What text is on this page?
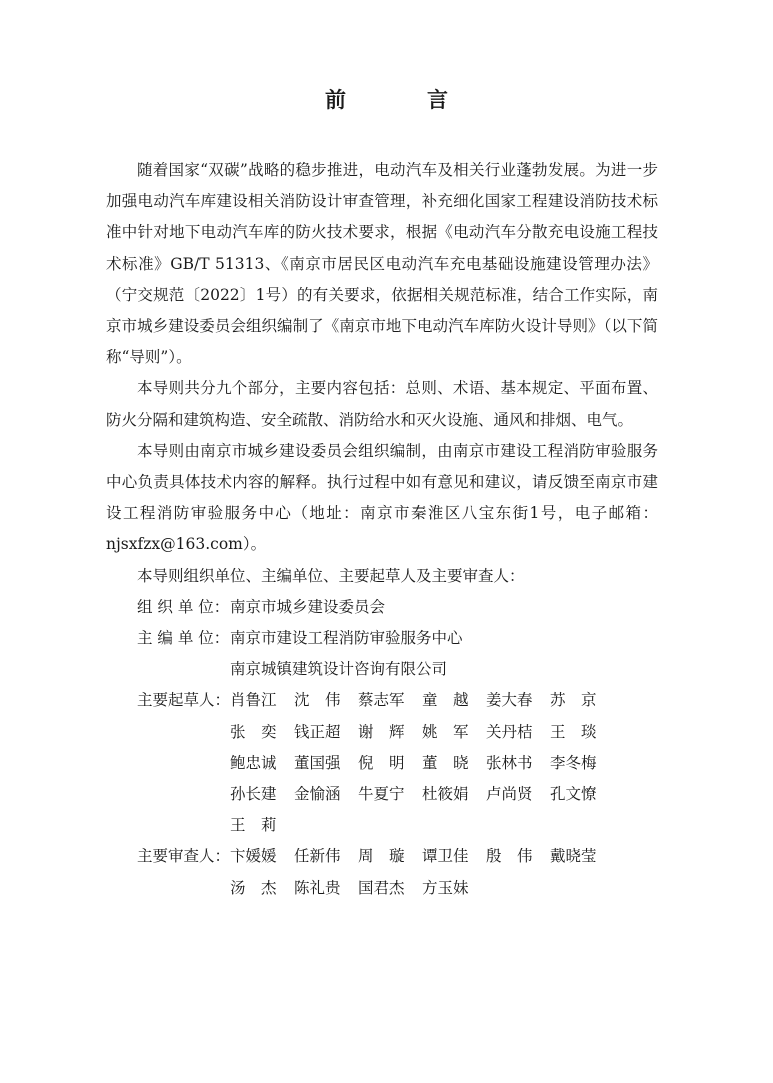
前　言

随着国家“双碳”战略的稳步推进，电动汽车及相关行业蓬勃发展。为进一步加强电动汽车库建设相关消防设计审查管理，补充细化国家工程建设消防技术标准中针对地下电动汽车库的防火技术要求，根据《电动汽车分散充电设施工程技术标准》GB/T 51313、《南京市居民区电动汽车充电基础设施建设管理办法》（宁交规范〔2022〕1号）的有关要求，依据相关规范标准，结合工作实际，南京市城乡建设委员会组织编制了《南京市地下电动汽车库防火设计导则》（以下简称“导则”）。

本导则共分九个部分，主要内容包括：总则、术语、基本规定、平面布置、防火分隔和建筑构造、安全疏散、消防给水和灭火设施、通风和排烟、电气。

本导则由南京市城乡建设委员会组织编制，由南京市建设工程消防审验服务中心负责具体技术内容的解释。执行过程中如有意见和建议，请反馈至南京市建设工程消防审验服务中心（地址：南京市秦淮区八宝东街1号，电子邮箱：njsxfzx@163.com）。

本导则组织单位、主编单位、主要起草人及主要审查人：

组 织 单 位： 南京市城乡建设委员会
主 编 单 位： 南京市建设工程消防审验服务中心
南京城镇建筑设计咨询有限公司
主要起草人： 肖鲁江	沈　伟	蔡志军	童　越	姜大春	苏　京
张　奕	钱正超	谢　辉	姚　军	关丹桔	王　琰
鲍忠诚	董国强	倪　明	董　晓	张林书	李冬梅
孙长建	金愉涵	牛夏宁	杜筱娟	卢尚贤	孔文憭
王　莉
主要审查人： 卞媛媛	任新伟	周　璇	谭卫佳	殷　伟	戴晓莹
汤　杰	陈礼贵	国君杰	方玉妹
